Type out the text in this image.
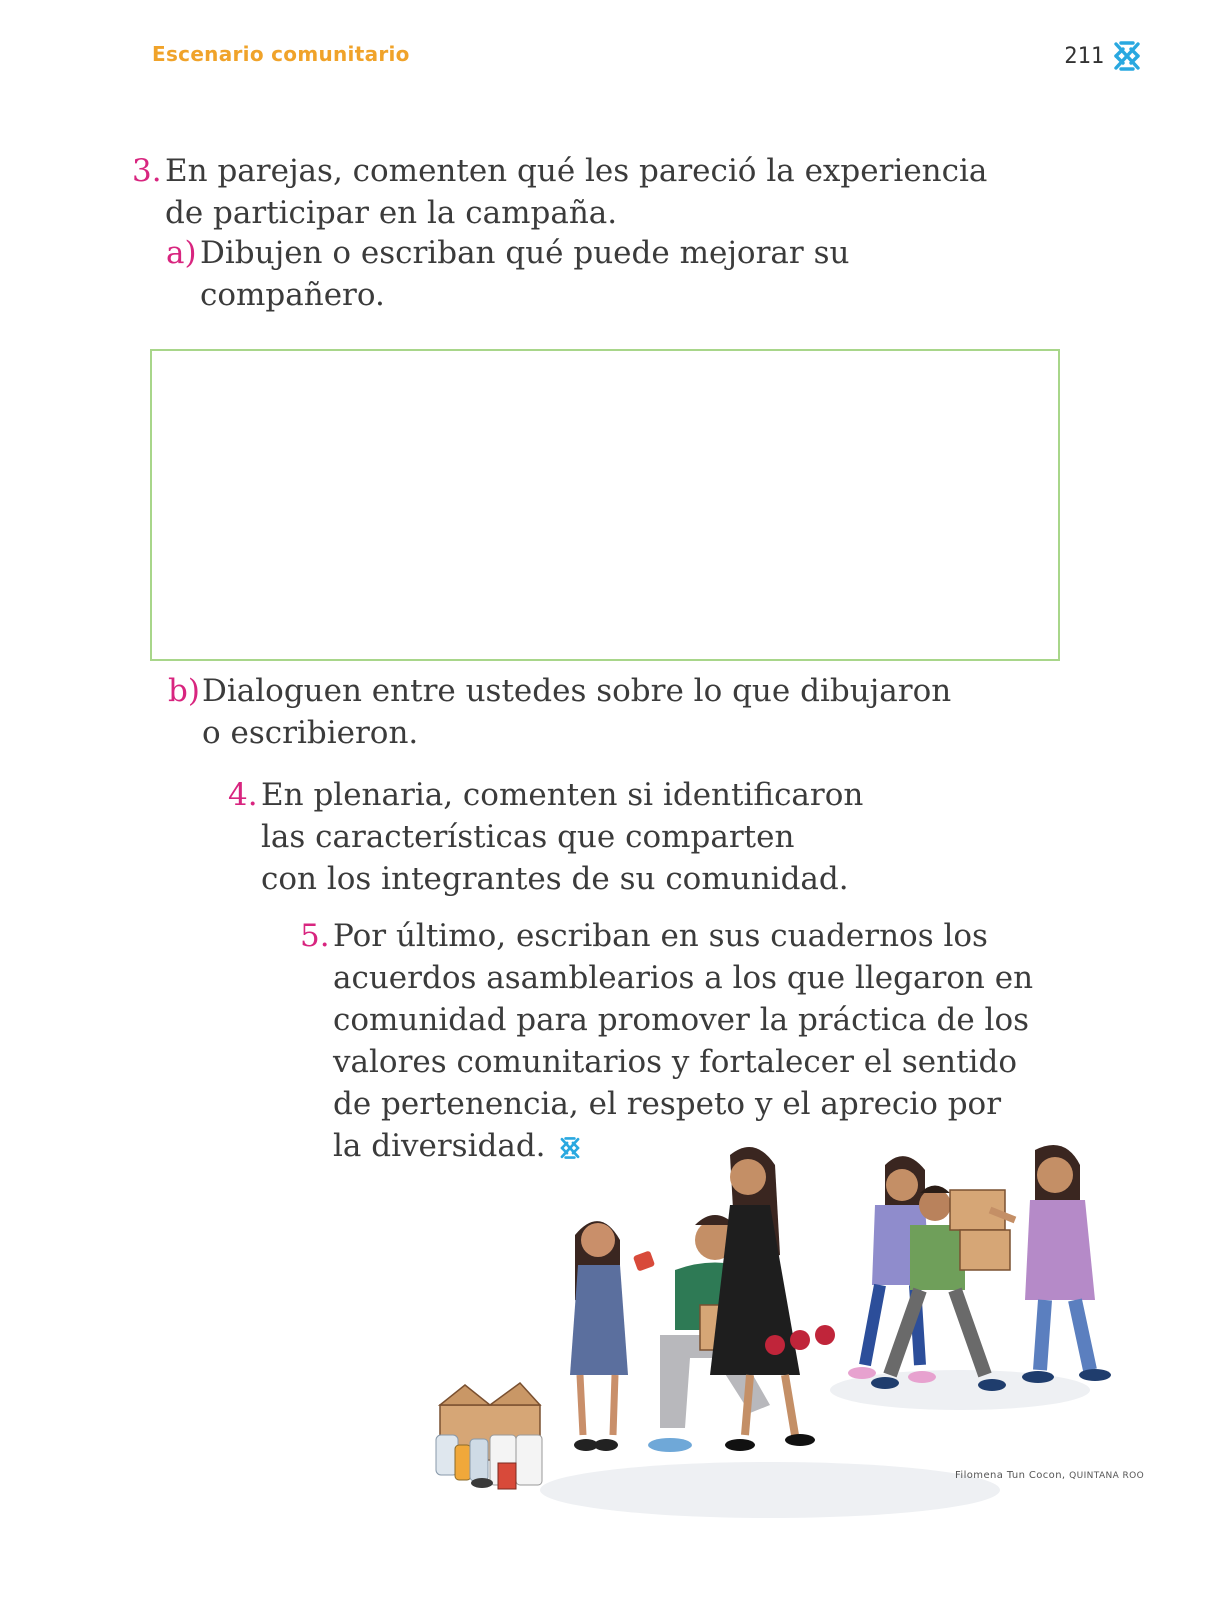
Escenario comunitario	211
3. En parejas, comenten qué les pareció la experiencia
de participar en la campaña.
a) Dibujen o escriban qué puede mejorar su
compañero.
b) Dialoguen entre ustedes sobre lo que dibujaron
o escribieron.
4. En plenaria, comenten si identificaron
las características que comparten
con los integrantes de su comunidad.
5. Por último, escriban en sus cuadernos los
acuerdos asamblearios a los que llegaron en
comunidad para promover la práctica de los
valores comunitarios y fortalecer el sentido
de pertenencia, el respeto y el aprecio por
la diversidad.
Filomena Tun Cocon, QUINTANA ROO
